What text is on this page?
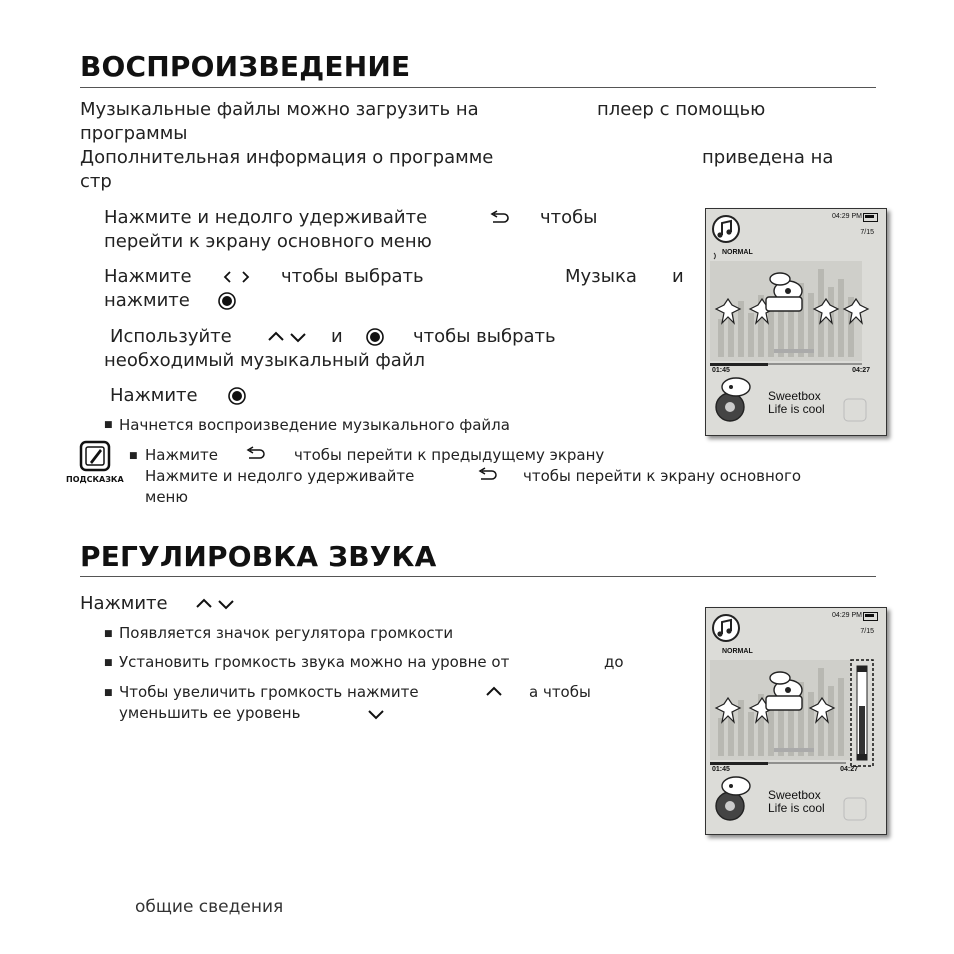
ВОСПРОИЗВЕДЕНИЕ
Музыкальные файлы можно загрузить на	плеер с помощью
программы
Дополнительная информация о программе	приведена на
стр
Нажмите и недолго удерживайте	чтобы
перейти к экрану основного меню
Нажмите	чтобы выбрать	Музыка и
нажмите
Используйте	и	чтобы выбрать
необходимый музыкальный файл
Нажмите
■ Начнется воспроизведение музыкального файла
ПОДСКАЗКА
■ Нажмите	чтобы перейти к предыдущему экрану
Нажмите и недолго удерживайте	чтобы перейти к экрану основного
меню
04:29 PM
7/15
NORMAL
01:45	04:27
Sweetbox
Life is cool
РЕГУЛИРОВКА ЗВУКА
Нажмите
■ Появляется значок регулятора громкости
■ Установить громкость звука можно на уровне от	до
■ Чтобы увеличить громкость нажмите	а чтобы
уменьшить ее уровень
04:29 PM
7/15
NORMAL
01:45	04:27
Sweetbox
Life is cool
общие сведения
